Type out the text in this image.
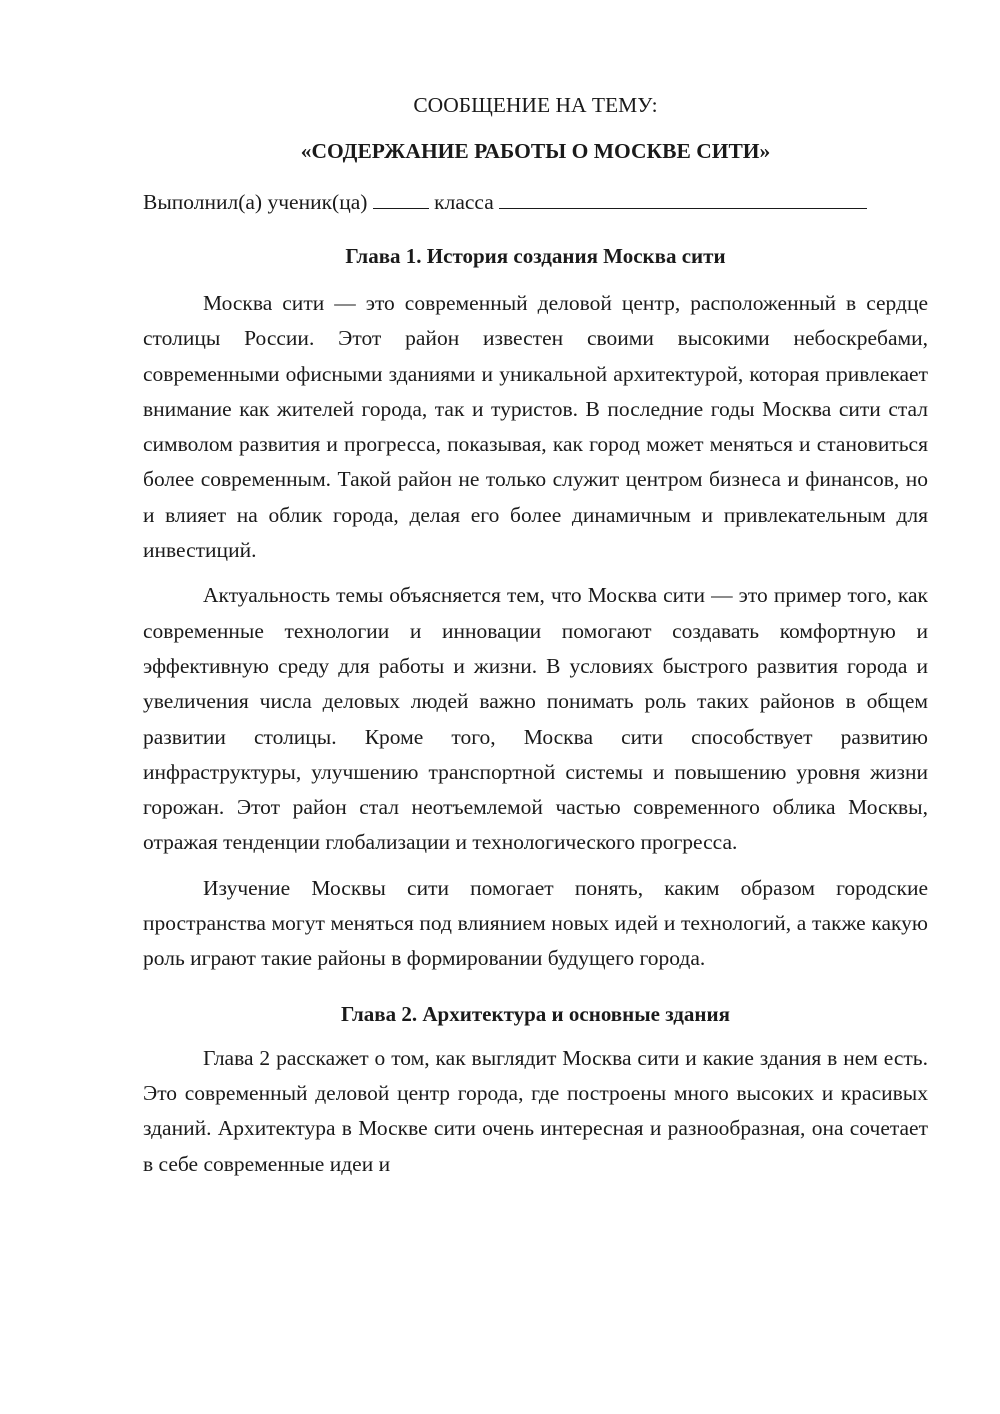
СООБЩЕНИЕ НА ТЕМУ:

«СОДЕРЖАНИЕ РАБОТЫ О МОСКВЕ СИТИ»

Выполнил(а) ученик(ца)	класса
Глава 1. История создания Москва сити

Москва сити — это современный деловой центр, расположенный в сердце столицы России. Этот район известен своими высокими небоскребами, современными офисными зданиями и уникальной архитектурой, которая привлекает внимание как жителей города, так и туристов. В последние годы Москва сити стал символом развития и прогресса, показывая, как город может меняться и становиться более современным. Такой район не только служит центром бизнеса и финансов, но и влияет на облик города, делая его более динамичным и привлекательным для инвестиций.

Актуальность темы объясняется тем, что Москва сити — это пример того, как современные технологии и инновации помогают создавать комфортную и эффективную среду для работы и жизни. В условиях быстрого развития города и увеличения числа деловых людей важно понимать роль таких районов в общем развитии столицы. Кроме того, Москва сити способствует развитию инфраструктуры, улучшению транспортной системы и повышению уровня жизни горожан. Этот район стал неотъемлемой частью современного облика Москвы, отражая тенденции глобализации и технологического прогресса.

Изучение Москвы сити помогает понять, каким образом городские пространства могут меняться под влиянием новых идей и технологий, а также какую роль играют такие районы в формировании будущего города.

Глава 2. Архитектура и основные здания

Глава 2 расскажет о том, как выглядит Москва сити и какие здания в нем есть. Это современный деловой центр города, где построены много высоких и красивых зданий. Архитектура в Москве сити очень интересная и разнообразная, она сочетает в себе современные идеи и
